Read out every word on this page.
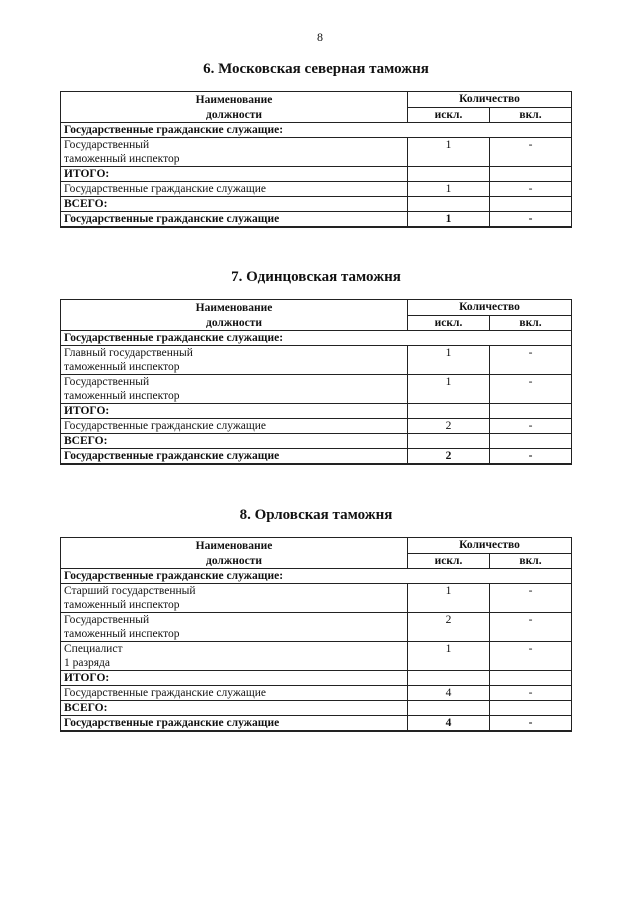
8
6. Московская северная таможня
Наименование
должности	Количество	
	искл.	вкл.
Государственные гражданские служащие:		

Государственный
таможенный инспектор	1	-
ИТОГО:		
Государственные гражданские служащие	1	-
ВСЕГО:		
Государственные гражданские служащие	1	-
7. Одинцовская таможня
Наименование
должности	Количество	
	искл.	вкл.
Государственные гражданские служащие:		

Главный государственный
таможенный инспектор	1	-

Государственный
таможенный инспектор	1	-
ИТОГО:		
Государственные гражданские служащие	2	-
ВСЕГО:		
Государственные гражданские служащие	2	-
8. Орловская таможня
Наименование
должности	Количество	
	искл.	вкл.
Государственные гражданские служащие:		

Старший государственный
таможенный инспектор	1	-

Государственный
таможенный инспектор	2	-

Специалист
1 разряда	1	-
ИТОГО:		
Государственные гражданские служащие	4	-
ВСЕГО:		
Государственные гражданские служащие	4	-
